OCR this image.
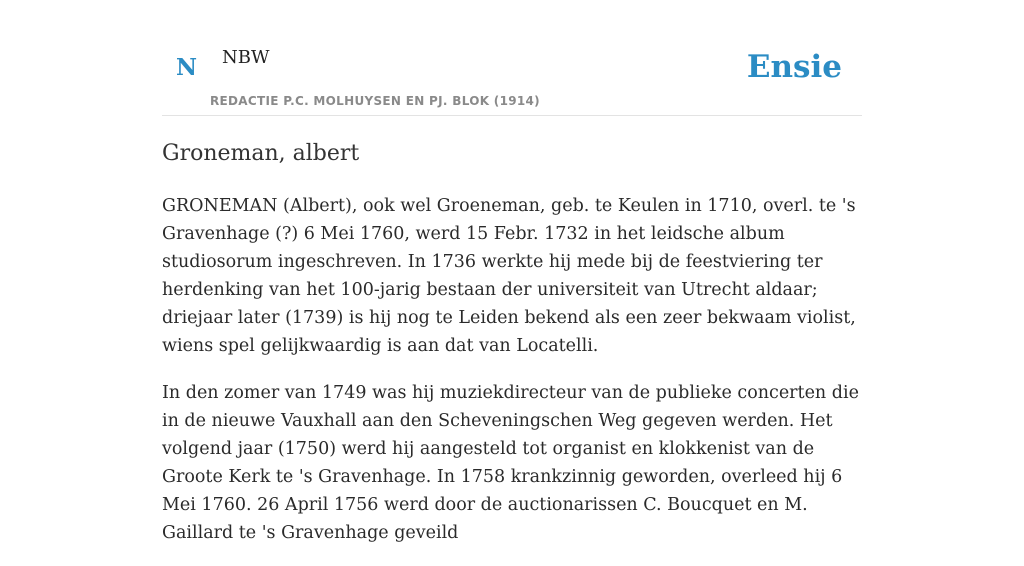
N NBW
REDACTIE P.C. MOLHUYSEN EN PJ. BLOK (1914)
Ensie
Groneman, albert

GRONEMAN (Albert), ook wel Groeneman, geb. te Keulen in 1710, overl. te 's Gravenhage (?) 6 Mei 1760, werd 15 Febr. 1732 in het leidsche album studiosorum ingeschreven. In 1736 werkte hij mede bij de feestviering ter herdenking van het 100-jarig bestaan der universiteit van Utrecht aldaar; driejaar later (1739) is hij nog te Leiden bekend als een zeer bekwaam violist, wiens spel gelijkwaardig is aan dat van Locatelli.

In den zomer van 1749 was hij muziekdirecteur van de publieke concerten die in de nieuwe Vauxhall aan den Scheveningschen Weg gegeven werden. Het volgend jaar (1750) werd hij aangesteld tot organist en klokkenist van de Groote Kerk te 's Gravenhage. In 1758 krankzinnig geworden, overleed hij 6 Mei 1760. 26 April 1756 werd door de auctionarissen C. Boucquet en M. Gaillard te 's Gravenhage geveild
